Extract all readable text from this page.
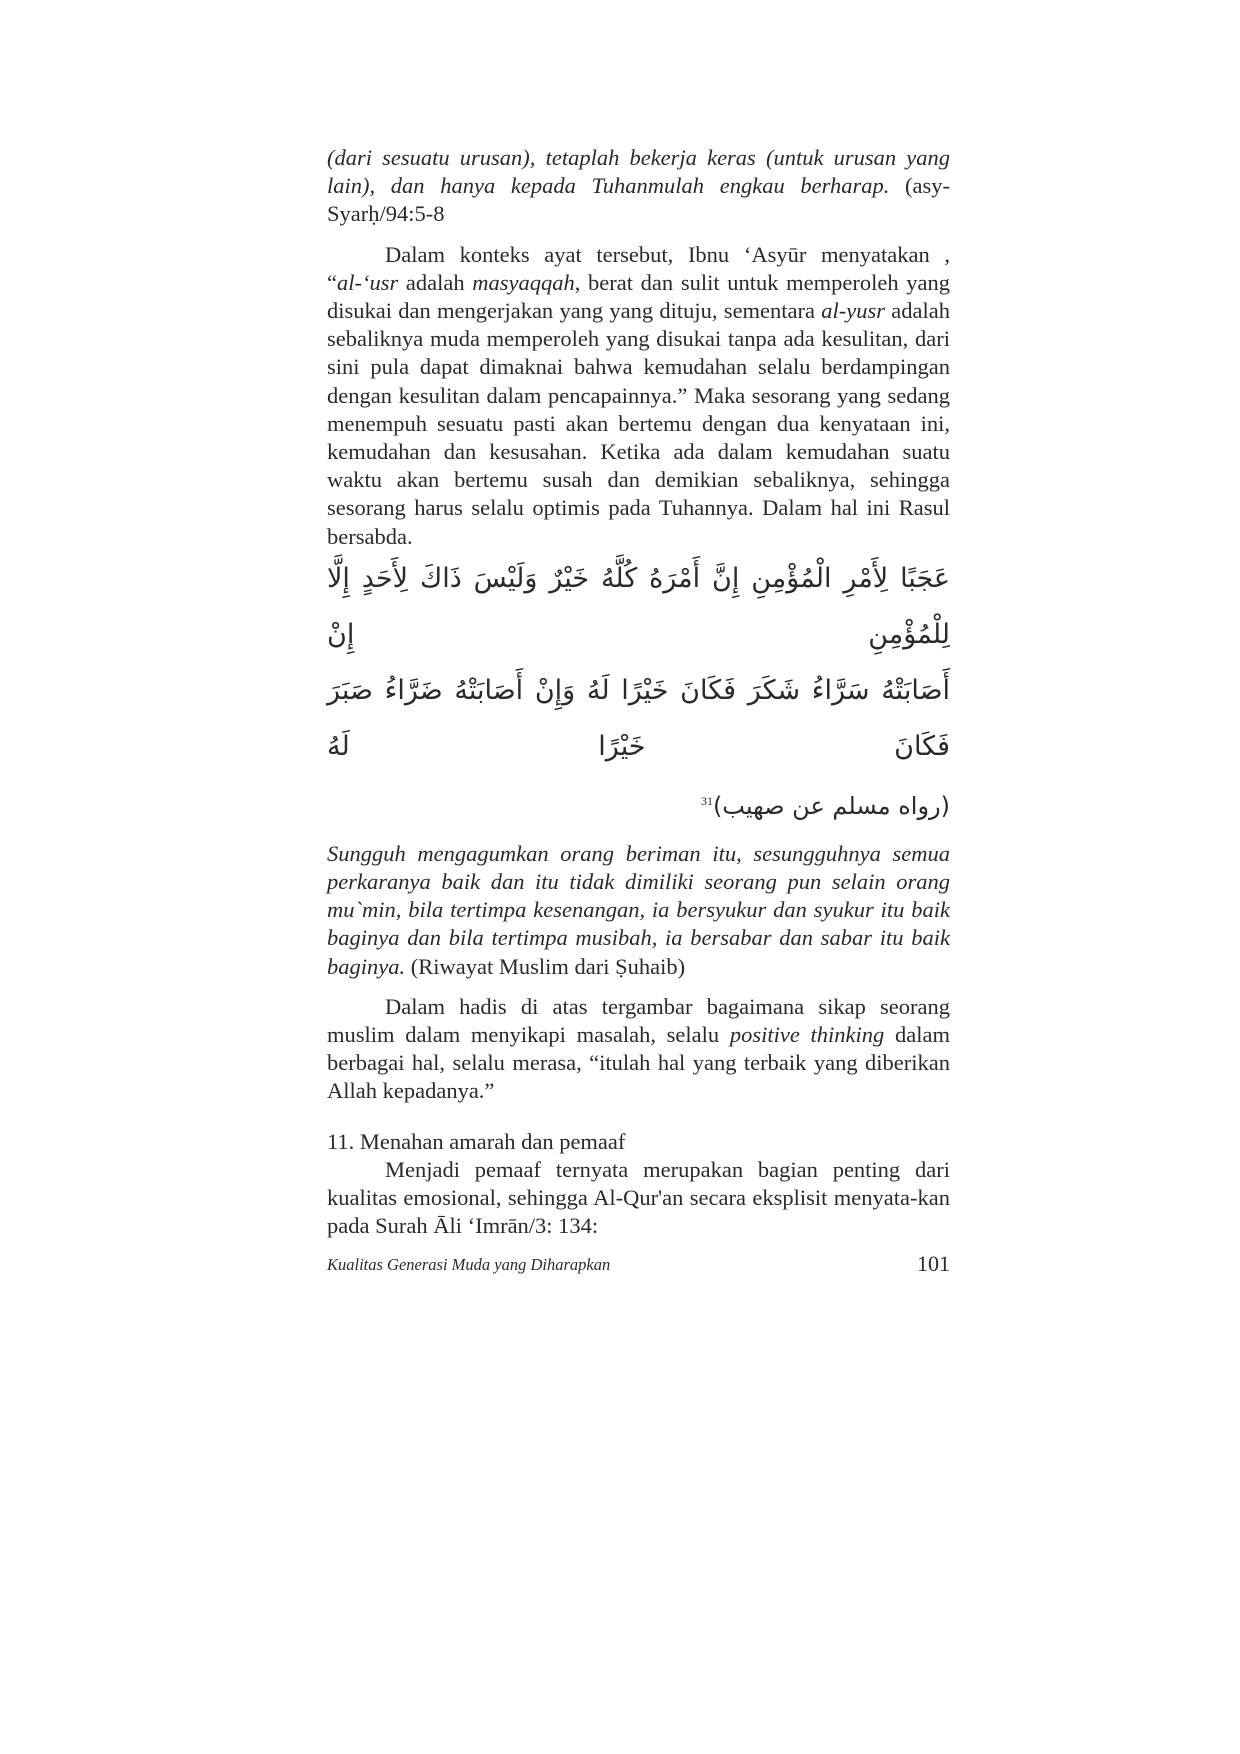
(dari sesuatu urusan), tetaplah bekerja keras (untuk urusan yang lain), dan hanya kepada Tuhanmulah engkau berharap. (asy-Syarḥ/94:5-8

Dalam konteks ayat tersebut, Ibnu ‘Asyūr menyatakan , “al-‘usr adalah masyaqqah, berat dan sulit untuk memperoleh yang disukai dan mengerjakan yang yang dituju, sementara al-yusr adalah sebaliknya muda memperoleh yang disukai tanpa ada kesulitan, dari sini pula dapat dimaknai bahwa kemudahan selalu berdampingan dengan kesulitan dalam pencapainnya.” Maka sesorang yang sedang menempuh sesuatu pasti akan bertemu dengan dua kenyataan ini, kemudahan dan kesusahan. Ketika ada dalam kemudahan suatu waktu akan bertemu susah dan demikian sebaliknya, sehingga sesorang harus selalu optimis pada Tuhannya. Dalam hal ini Rasul bersabda.

عَجَبًا لِأَمْرِ الْمُؤْمِنِ إِنَّ أَمْرَهُ كُلَّهُ خَيْرٌ وَلَيْسَ ذَاكَ لِأَحَدٍ إِلَّا لِلْمُؤْمِنِ إِنْ
أَصَابَتْهُ سَرَّاءُ شَكَرَ فَكَانَ خَيْرًا لَهُ وَإِنْ أَصَابَتْهُ ضَرَّاءُ صَبَرَ فَكَانَ خَيْرًا لَهُ

(رواه مسلم عن صهيب)$^{31}$

Sungguh mengagumkan orang beriman itu, sesungguhnya semua perkaranya baik dan itu tidak dimiliki seorang pun selain orang mu`min, bila tertimpa kesenangan, ia bersyukur dan syukur itu baik baginya dan bila tertimpa musibah, ia bersabar dan sabar itu baik baginya. (Riwayat Muslim dari Ṣuhaib)

Dalam hadis di atas tergambar bagaimana sikap seorang muslim dalam menyikapi masalah, selalu positive thinking dalam berbagai hal, selalu merasa, “itulah hal yang terbaik yang diberikan Allah kepadanya.”

11. Menahan amarah dan pemaaf

Menjadi pemaaf ternyata merupakan bagian penting dari kualitas emosional, sehingga Al-Qur'an secara eksplisit menyata-kan pada Surah Āli ‘Imrān/3: 134:

Kualitas Generasi Muda yang Diharapkan	101
